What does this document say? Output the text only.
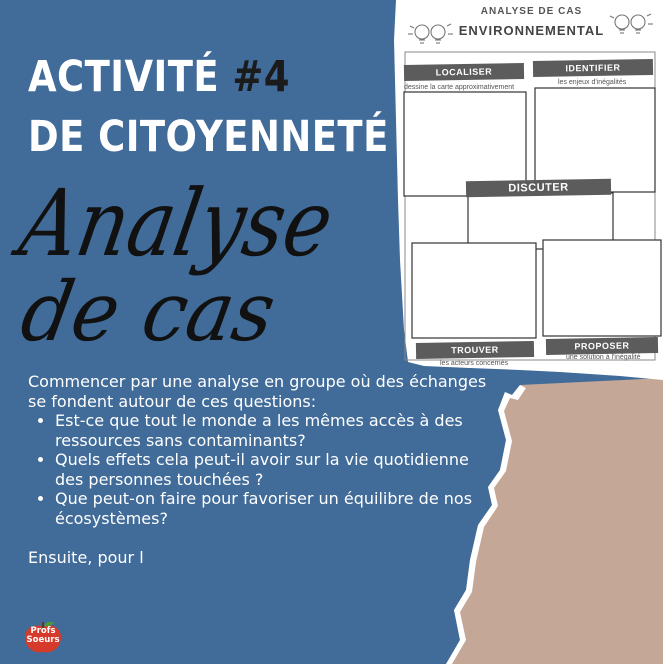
ANALYSE DE CAS
ENVIRONNEMENTAL
LOCALISER
dessine la carte approximativement
IDENTIFIER
les enjeux d'inégalités
DISCUTER
TROUVER
les acteurs concernés
PROPOSER
une solution à l'inégalité
ACTIVITÉ #4
DE CITOYENNETÉ
Analyse
de cas

Commencer par une analyse en groupe où des échanges se fondent autour de ces questions:

• Est-ce que tout le monde a les mêmes accès à des ressources sans contaminants?
• Quels effets cela peut-il avoir sur la vie quotidienne des personnes touchées ?
• Que peut-on faire pour favoriser un équilibre de nos écosystèmes?

Ensuite, pour l

Profs
Soeurs
